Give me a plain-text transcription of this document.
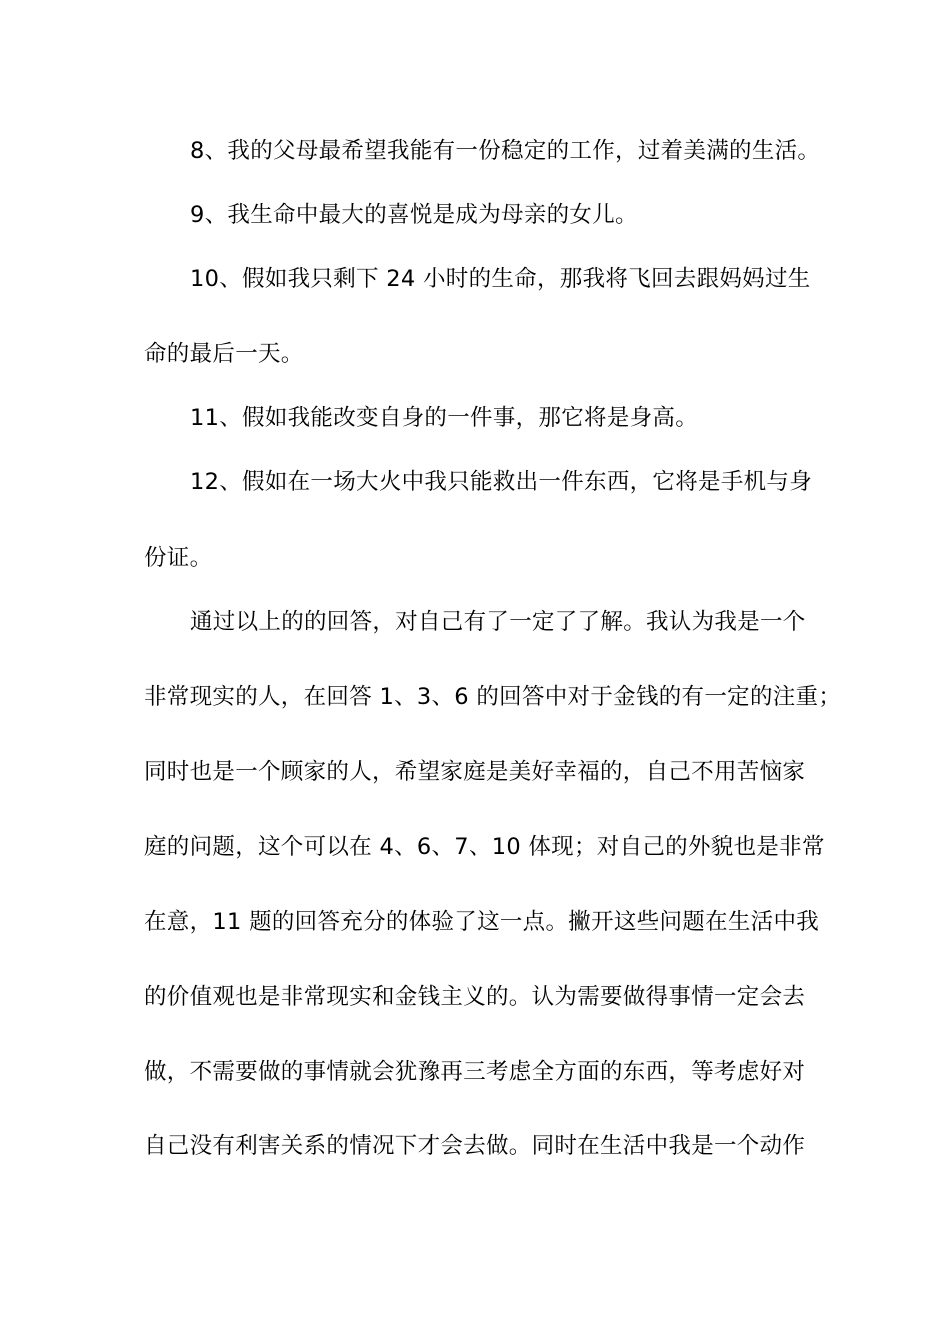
8、我的父母最希望我能有一份稳定的工作，过着美满的生活。
9、我生命中最大的喜悦是成为母亲的女儿。
10、假如我只剩下 24 小时的生命，那我将飞回去跟妈妈过生
命的最后一天。
11、假如我能改变自身的一件事，那它将是身高。
12、假如在一场大火中我只能救出一件东西，它将是手机与身
份证。
通过以上的的回答，对自己有了一定了了解。我认为我是一个
非常现实的人，在回答 1、3、6 的回答中对于金钱的有一定的注重；
同时也是一个顾家的人，希望家庭是美好幸福的，自己不用苦恼家
庭的问题，这个可以在 4、6、7、10 体现；对自己的外貌也是非常
在意，11 题的回答充分的体验了这一点。撇开这些问题在生活中我
的价值观也是非常现实和金钱主义的。认为需要做得事情一定会去
做，不需要做的事情就会犹豫再三考虑全方面的东西，等考虑好对
自己没有利害关系的情况下才会去做。同时在生活中我是一个动作
